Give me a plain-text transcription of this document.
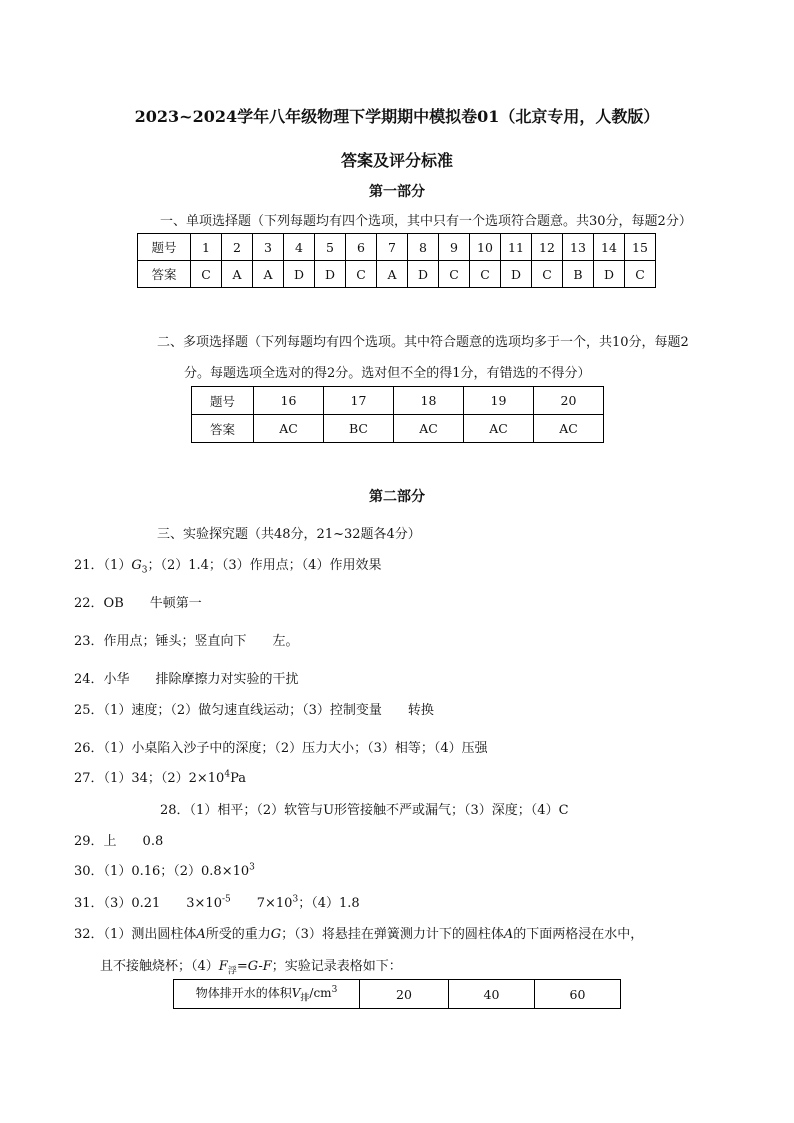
2023~2024学年八年级物理下学期期中模拟卷01（北京专用，人教版）
答案及评分标准
第一部分
一、单项选择题（下列每题均有四个选项，其中只有一个选项符合题意。共30分，每题2分）
题号	1	2	3	4	5	6	7	8	9	10	11	12	13	14	15
答案	C	A	A	D	D	C	A	D	C	C	D	C	B	D	C
二、多项选择题（下列每题均有四个选项。其中符合题意的选项均多于一个，共10分，每题2
分。每题选项全选对的得2分。选对但不全的得1分，有错选的不得分）
题号	16	17	18	19	20
答案	AC	BC	AC	AC	AC
第二部分
三、实验探究题（共48分，21~32题各4分）
21．$(1)G_3$；（2）1.4；（3）作用点；（4）作用效果
22．OB　　牛顿第一
23．作用点；锤头；竖直向下　　左。
24．小华　　排除摩擦力对实验的干扰
25．（1）速度；（2）做匀速直线运动；（3）控制变量　　转换
26．（1）小桌陷入沙子中的深度；（2）压力大小；（3）相等；（4）压强
27．（1）34；$(2)2\times 10^4Pa$
28．（1）相平；（2）软管与U形管接触不严或漏气；（3）深度；（4）C
29．上　　0.8
30．（1）0.16；$(2)0.8\times 10^3$
31．（3）0.21　　$3\times 10^{-5}$　　$7\times 10^3$；（4）1.8
32．（1）测出圆柱体A所受的重力G；（3）将悬挂在弹簧测力计下的圆柱体A的下面两格浸在水中，
且不接触烧杯；$(4)F_浮=G-F$；实验记录表格如下：
物体排开水的体积$V_排/cm^3$	20	40	60
